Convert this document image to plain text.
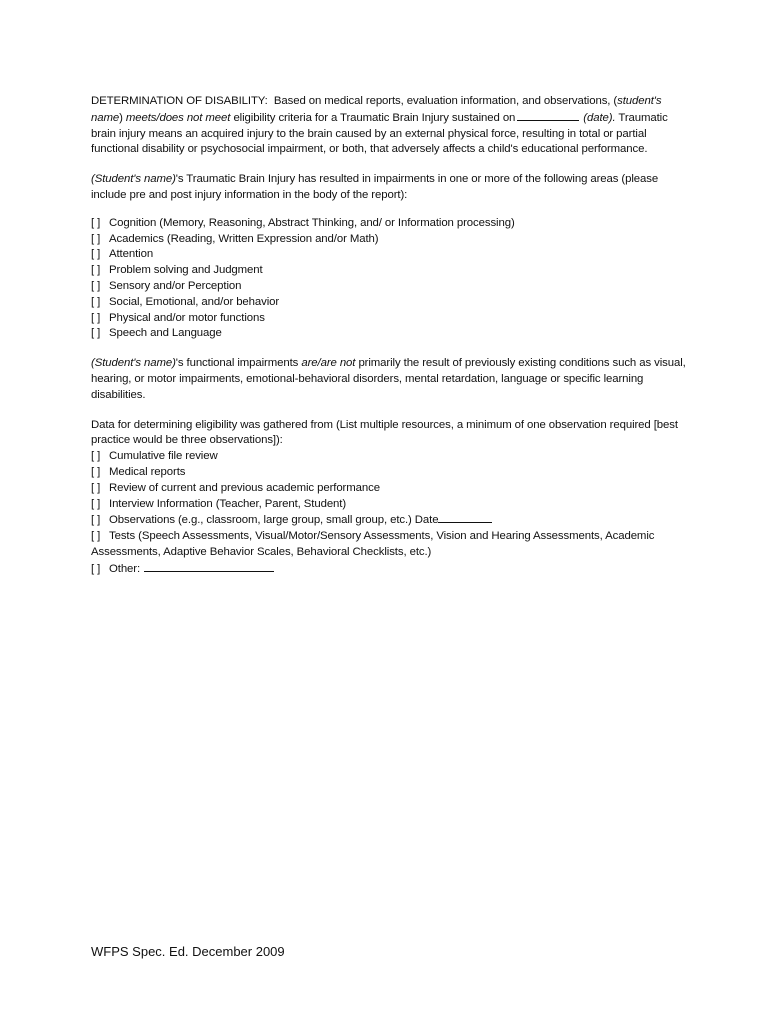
DETERMINATION OF DISABILITY: Based on medical reports, evaluation information, and observations, (student's name) meets/does not meet eligibility criteria for a Traumatic Brain Injury sustained on	(date). Traumatic brain injury means an acquired injury to the brain caused by an external physical force, resulting in total or partial functional disability or psychosocial impairment, or both, that adversely affects a child's educational performance.

(Student's name)'s Traumatic Brain Injury has resulted in impairments in one or more of the following areas (please include pre and post injury information in the body of the report):

[ ] Cognition (Memory, Reasoning, Abstract Thinking, and/ or Information processing)

[ ] Academics (Reading, Written Expression and/or Math)

[ ] Attention

[ ] Problem solving and Judgment

[ ] Sensory and/or Perception

[ ] Social, Emotional, and/or behavior

[ ] Physical and/or motor functions

[ ] Speech and Language

(Student's name)'s functional impairments are/are not primarily the result of previously existing conditions such as visual, hearing, or motor impairments, emotional-behavioral disorders, mental retardation, language or specific learning disabilities.

Data for determining eligibility was gathered from (List multiple resources, a minimum of one observation required [best practice would be three observations]):

[ ] Cumulative file review

[ ] Medical reports

[ ] Review of current and previous academic performance

[ ] Interview Information (Teacher, Parent, Student)

[ ] Observations (e.g., classroom, large group, small group, etc.) Date

[ ] Tests (Speech Assessments, Visual/Motor/Sensory Assessments, Vision and Hearing Assessments, Academic Assessments, Adaptive Behavior Scales, Behavioral Checklists, etc.)

[ ] Other:

WFPS Spec. Ed. December 2009
